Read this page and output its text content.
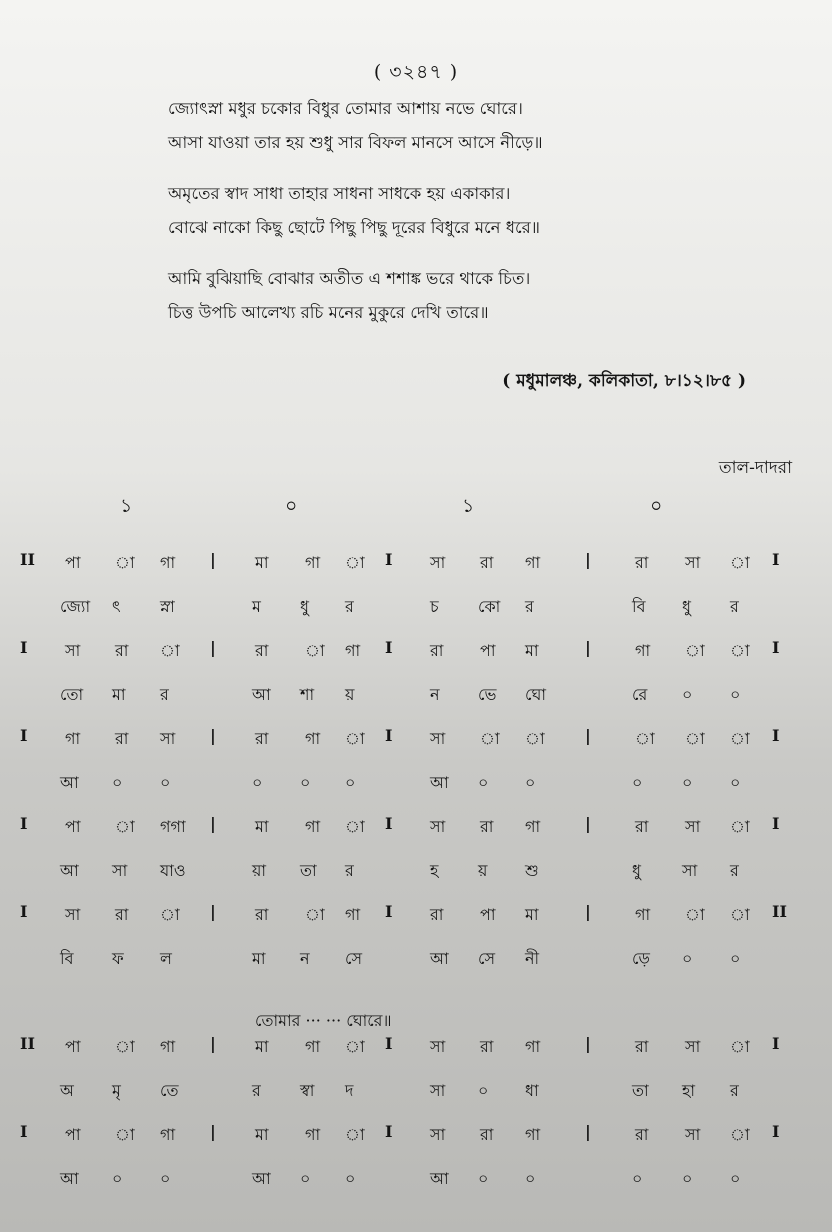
( ৩২৪৭ )
জ্যোৎস্না মধুর চকোর বিধুর তোমার আশায় নভে ঘোরে।
আসা যাওয়া তার হয় শুধু সার বিফল মানসে আসে নীড়ে॥
অমৃতের স্বাদ সাধা তাহার সাধনা সাধকে হয় একাকার।
বোঝে নাকো কিছু ছোটে পিছু পিছু দূরের বিধুরে মনে ধরে॥
আমি বুঝিয়াছি বোঝার অতীত এ শশাঙ্ক ভরে থাকে চিত।
চিত্ত উপচি আলেখ্য রচি মনের মুকুরে দেখি তারে॥
( মধুমালঞ্চ, কলিকাতা, ৮।১২।৮৫ )
তাল-দাদরা
১	০	১	০
II পা া গা | মা গা া I সা রা গা	|	রা সা া I
জ্যো ৎ স্না	ম ধু র	চ কো র	বি ধু র
I সা রা া | রা া গা I রা পা মা	|	গা া া I
তো মা র	আ শা য়	ন ভে ঘো	রে ০ ০
I গা রা সা | রা গা া I সা া া	|	া া া I
আ ০ ০	০ ০ ০	আ ০ ০	০ ০ ০
I পা া গগা | মা গা া I সা রা গা	|	রা সা া I
আ সা যাও	য়া তা র	হ য় শু	ধু	সা র
I সা রা া | রা া গা I রা পা মা	|	গা া া II
বি ফ ল	মা ন সে	আ সে নী	ড়ে ০ ০
II পা া গা | মা গা া I সা রা গা	|	রা সা া I
অ মৃ তে	র স্বা দ	সা ০ ধা	তা হা র
I পা া গা | মা গা া I সা রা গা	|	রা সা া I
আ ০ ০	আ ০ ০	আ ০ ০	০ ০ ০
তোমার ··· ··· ঘোরে॥
